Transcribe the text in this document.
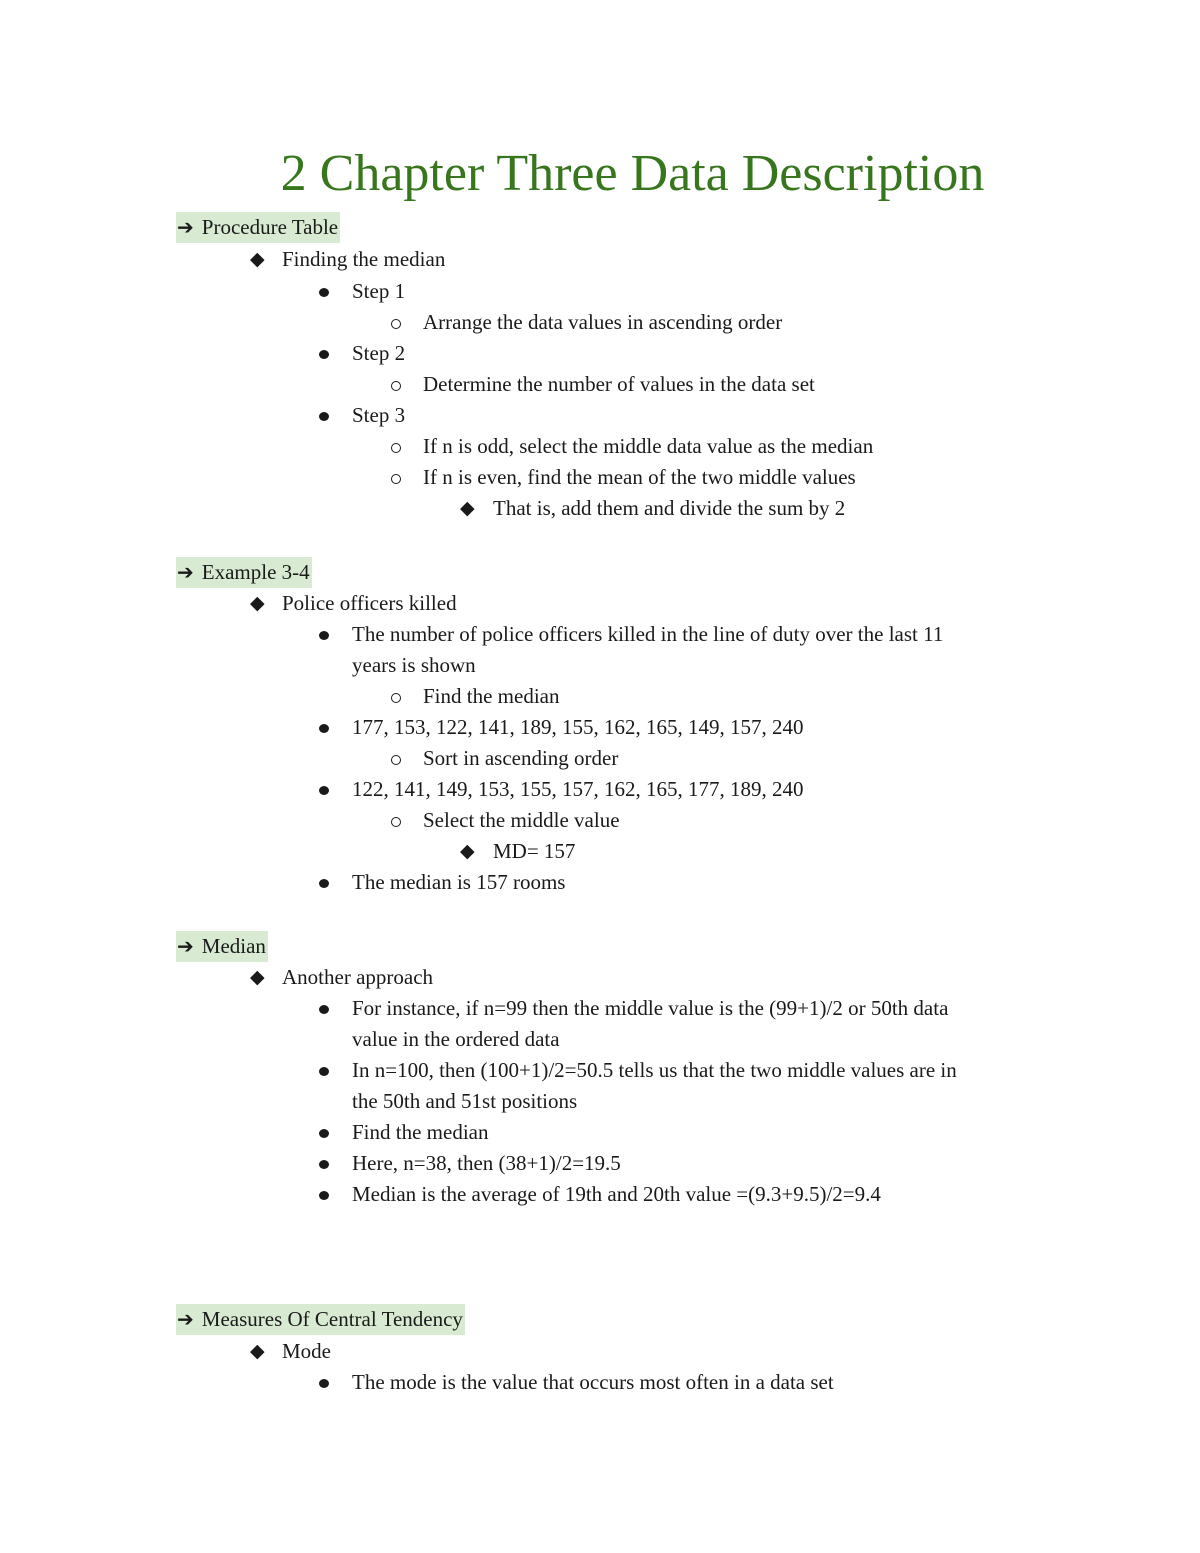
2 Chapter Three Data Description
➔ Procedure Table
◆ Finding the median
Step 1
Arrange the data values in ascending order
Step 2
Determine the number of values in the data set
Step 3
If n is odd, select the middle data value as the median
If n is even, find the mean of the two middle values
◆ That is, add them and divide the sum by 2
➔ Example 3-4
◆ Police officers killed
The number of police officers killed in the line of duty over the last 11
years is shown
Find the median
177, 153, 122, 141, 189, 155, 162, 165, 149, 157, 240
Sort in ascending order
122, 141, 149, 153, 155, 157, 162, 165, 177, 189, 240
Select the middle value
◆ MD= 157
The median is 157 rooms
➔ Median
◆ Another approach
For instance, if n=99 then the middle value is the (99+1)/2 or 50th data
value in the ordered data
In n=100, then (100+1)/2=50.5 tells us that the two middle values are in
the 50th and 51st positions
Find the median
Here, n=38, then (38+1)/2=19.5
Median is the average of 19th and 20th value =(9.3+9.5)/2=9.4
➔ Measures Of Central Tendency
◆ Mode
The mode is the value that occurs most often in a data set
